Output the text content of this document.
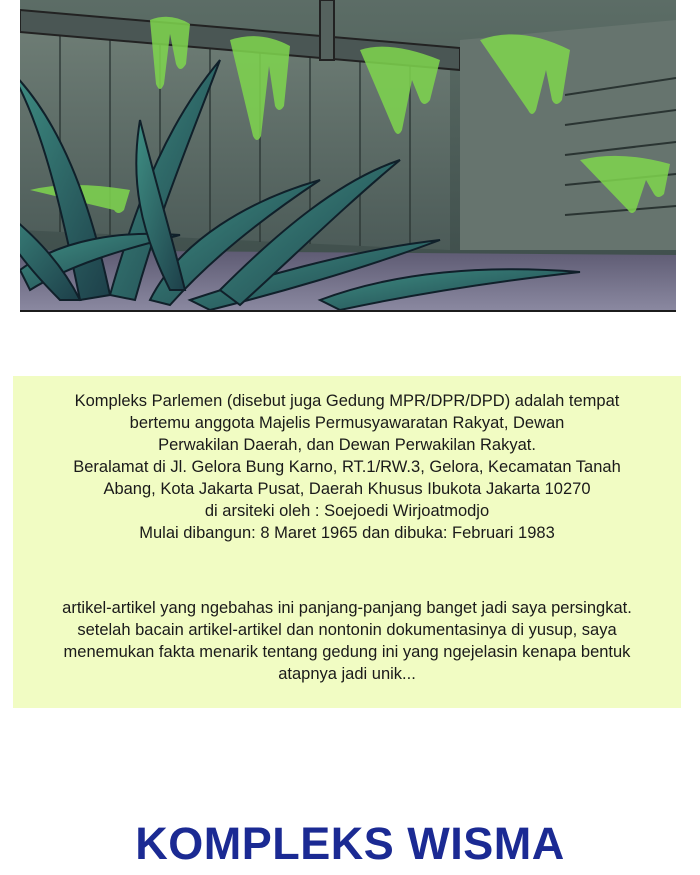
Kompleks Parlemen (disebut juga Gedung MPR/DPR/DPD) adalah tempat
bertemu anggota Majelis Permusyawaratan Rakyat, Dewan
Perwakilan Daerah, dan Dewan Perwakilan Rakyat.
Beralamat di Jl. Gelora Bung Karno, RT.1/RW.3, Gelora, Kecamatan Tanah
Abang, Kota Jakarta Pusat, Daerah Khusus Ibukota Jakarta 10270
di arsiteki oleh : Soejoedi Wirjoatmodjo
Mulai dibangun: 8 Maret 1965 dan dibuka: Februari 1983
artikel-artikel yang ngebahas ini panjang-panjang banget jadi saya persingkat.
setelah bacain artikel-artikel dan nontonin dokumentasinya di yusup, saya
menemukan fakta menarik tentang gedung ini yang ngejelasin kenapa bentuk
atapnya jadi unik...
KOMPLEKS WISMA
